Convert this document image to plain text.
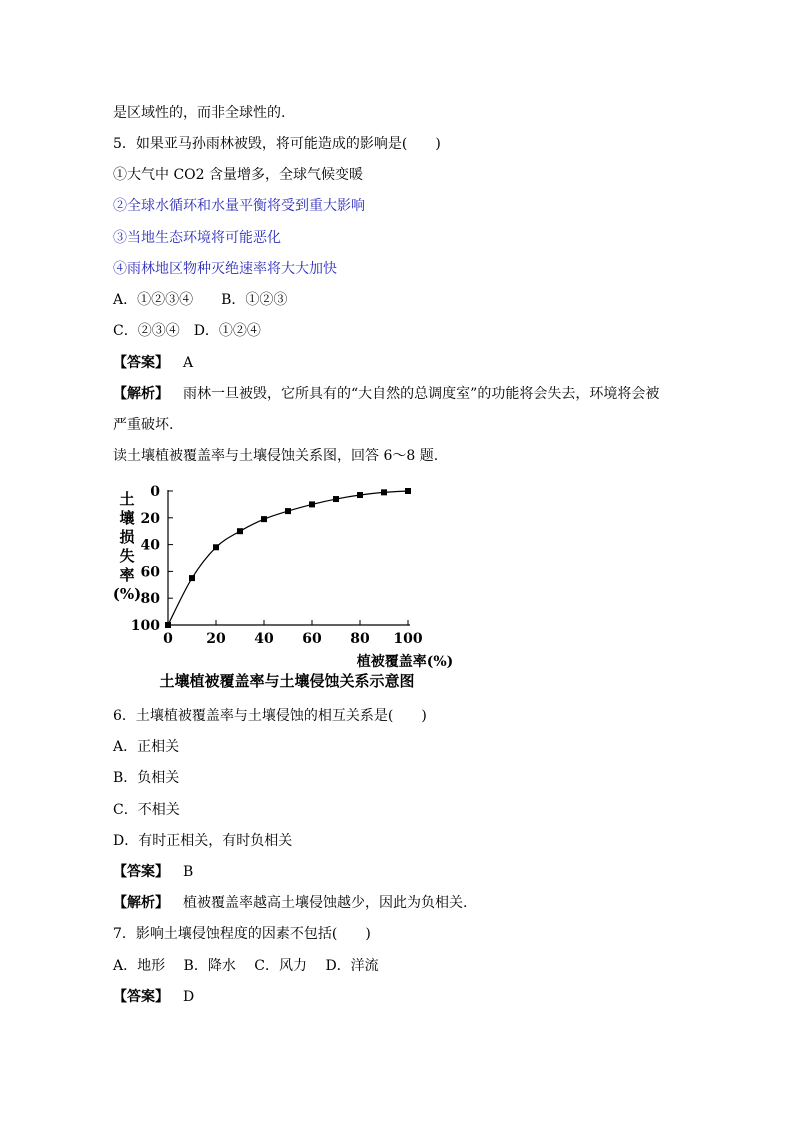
是区域性的，而非全球性的.
5．如果亚马孙雨林被毁，将可能造成的影响是(　　)
①大气中 CO2 含量增多，全球气候变暖
②全球水循环和水量平衡将受到重大影响
③当地生态环境将可能恶化
④雨林地区物种灭绝速率将大大加快
A．①②③④　　B．①②③
C．②③④　D．①②④
【答案】 A
【解析】 雨林一旦被毁，它所具有的“大自然的总调度室”的功能将会失去，环境将会被
严重破坏.
读土壤植被覆盖率与土壤侵蚀关系图，回答 6～8 题.
土
壤
损
失
率
(%)
0
20
40
60
80
100
0 20 40 60 80 100
植被覆盖率(%)
土壤植被覆盖率与土壤侵蚀关系示意图
6．土壤植被覆盖率与土壤侵蚀的相互关系是(　　)
A．正相关
B．负相关
C．不相关
D．有时正相关，有时负相关
【答案】 B
【解析】 植被覆盖率越高土壤侵蚀越少，因此为负相关.
7．影响土壤侵蚀程度的因素不包括(　　)
A．地形　 B．降水　 C．风力　 D．洋流
【答案】 D
